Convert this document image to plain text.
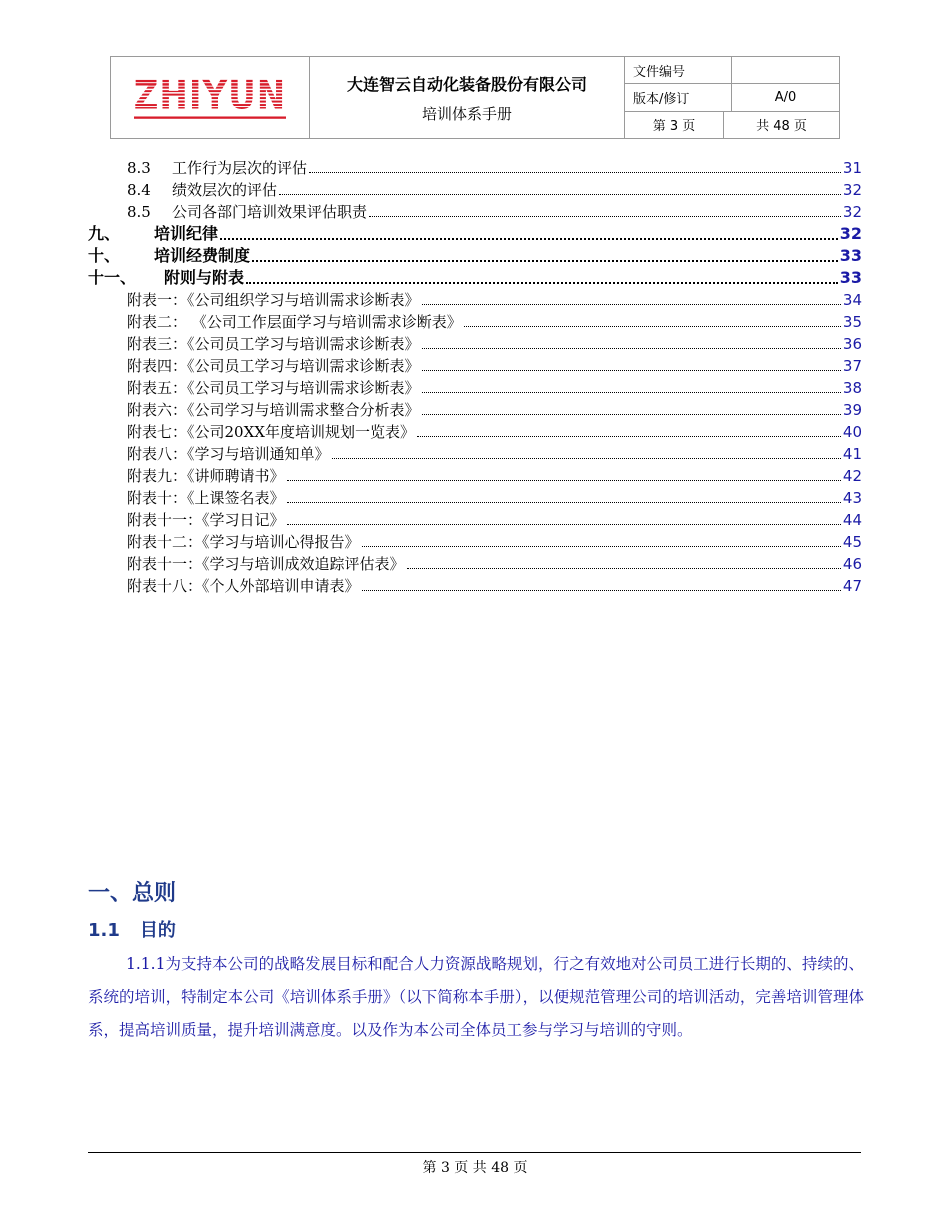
ZHIYUN	大连智云自动化装备股份有限公司
培训体系手册
文件编号
版本/修订	A/0
第 3 页	共 48 页
8.3	工作行为层次的评估	31
8.4	绩效层次的评估	32
8.5	公司各部门培训效果评估职责	32
九、	培训纪律	32
十、	培训经费制度	33
十一、	附则与附表	33
附表一：《公司组织学习与培训需求诊断表》	34
附表二： 《公司工作层面学习与培训需求诊断表》	35
附表三：《公司员工学习与培训需求诊断表》	36
附表四：《公司员工学习与培训需求诊断表》	37
附表五：《公司员工学习与培训需求诊断表》	38
附表六：《公司学习与培训需求整合分析表》	39
附表七：《公司20XX年度培训规划一览表》	40
附表八：《学习与培训通知单》	41
附表九：《讲师聘请书》	42
附表十：《上课签名表》	43
附表十一：《学习日记》	44
附表十二：《学习与培训心得报告》	45
附表十一：《学习与培训成效追踪评估表》	46
附表十八：《个人外部培训申请表》	47
一、总则
1.1 目的
1.1.1为支持本公司的战略发展目标和配合人力资源战略规划，行之有效地对公司员工进行长期的、持续的、系统的培训，特制定本公司《培训体系手册》（以下简称本手册），以便规范管理公司的培训活动，完善培训管理体系，提高培训质量，提升培训满意度。以及作为本公司全体员工参与学习与培训的守则。
第 3 页 共 48 页
